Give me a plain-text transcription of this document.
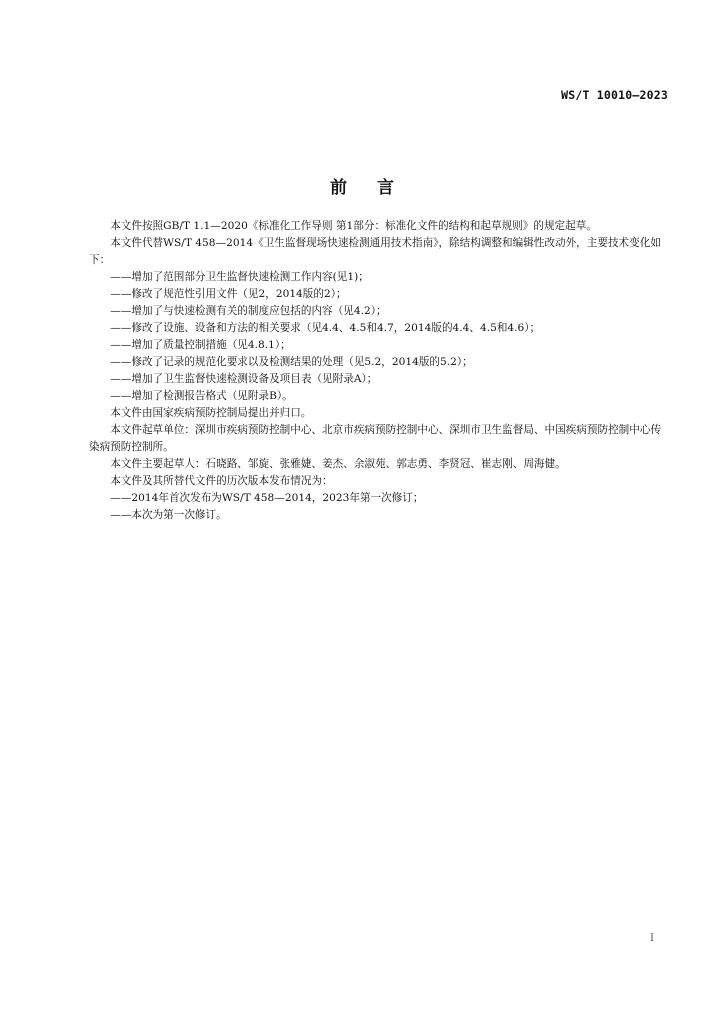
WS/T 10010—2023
前 言

本文件按照GB/T 1.1—2020《标准化工作导则 第1部分：标准化文件的结构和起草规则》的规定起草。

本文件代替WS/T 458—2014《卫生监督现场快速检测通用技术指南》，除结构调整和编辑性改动外，主要技术变化如下：

——增加了范围部分卫生监督快速检测工作内容(见1)；

——修改了规范性引用文件（见2，2014版的2）；

——增加了与快速检测有关的制度应包括的内容（见4.2）；

——修改了设施、设备和方法的相关要求（见4.4、4.5和4.7，2014版的4.4、4.5和4.6）；

——增加了质量控制措施（见4.8.1）；

——修改了记录的规范化要求以及检测结果的处理（见5.2，2014版的5.2）；

——增加了卫生监督快速检测设备及项目表（见附录A）；

——增加了检测报告格式（见附录B）。

本文件由国家疾病预防控制局提出并归口。

本文件起草单位：深圳市疾病预防控制中心、北京市疾病预防控制中心、深圳市卫生监督局、中国疾病预防控制中心传染病预防控制所。

本文件主要起草人：石晓路、邹旋、张雅婕、姜杰、余淑苑、郭志勇、李贤冠、崔志刚、周海健。

本文件及其所替代文件的历次版本发布情况为：

——2014年首次发布为WS/T 458—2014，2023年第一次修订；

——本次为第一次修订。

I
